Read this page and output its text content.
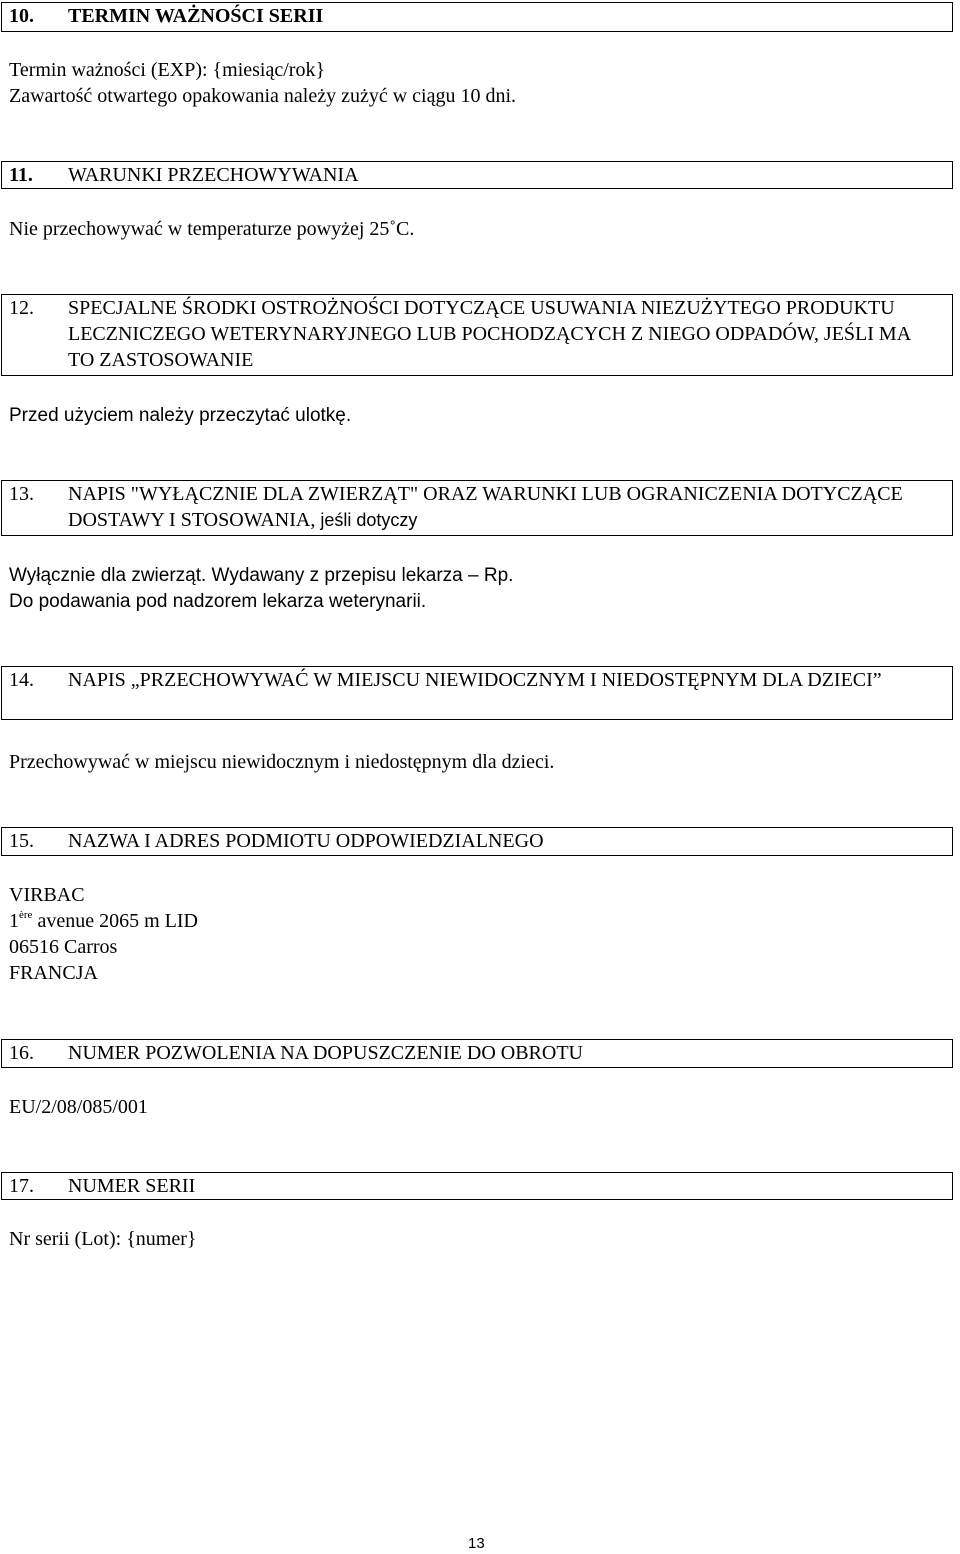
10. TERMIN WAŻNOŚCI SERII
Termin ważności (EXP): {miesiąc/rok}
Zawartość otwartego opakowania należy zużyć w ciągu 10 dni.
11. WARUNKI PRZECHOWYWANIA
Nie przechowywać w temperaturze powyżej 25˚C.
12. SPECJALNE ŚRODKI OSTROŻNOŚCI DOTYCZĄCE USUWANIA NIEZUŻYTEGO PRODUKTU LECZNICZEGO WETERYNARYJNEGO LUB POCHODZĄCYCH Z NIEGO ODPADÓW, JEŚLI MA TO ZASTOSOWANIE
Przed użyciem należy przeczytać ulotkę.
13. NAPIS "WYŁĄCZNIE DLA ZWIERZĄT" ORAZ WARUNKI LUB OGRANICZENIA DOTYCZĄCE DOSTAWY I STOSOWANIA, jeśli dotyczy
Wyłącznie dla zwierząt. Wydawany z przepisu lekarza – Rp.
Do podawania pod nadzorem lekarza weterynarii.
14. NAPIS „PRZECHOWYWAĆ W MIEJSCU NIEWIDOCZNYM I NIEDOSTĘPNYM DLA DZIECI”
Przechowywać w miejscu niewidocznym i niedostępnym dla dzieci.
15. NAZWA I ADRES PODMIOTU ODPOWIEDZIALNEGO
VIRBAC
1ère avenue 2065 m LID
06516 Carros
FRANCJA
16. NUMER POZWOLENIA NA DOPUSZCZENIE DO OBROTU
EU/2/08/085/001
17. NUMER SERII
Nr serii (Lot): {numer}
13
